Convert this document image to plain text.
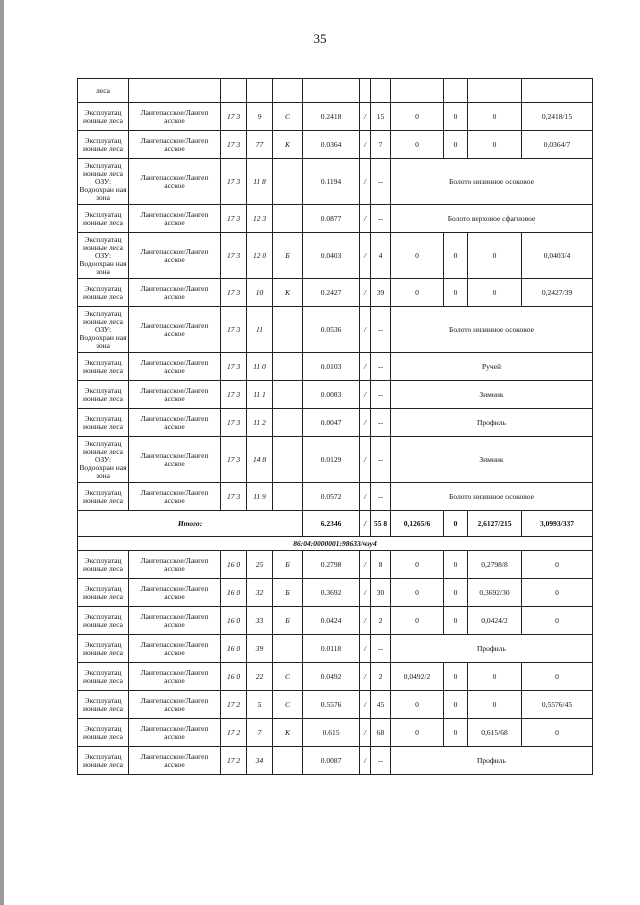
35
леса											
Эксплуатац ионные леса	Лангепасское/Лангеп асское	17 3	9	С	0.2418	/	15	0	0	0	0,2418/15
Эксплуатац ионные леса	Лангепасское/Лангеп асское	17 3	77	К	0.0364	/	7	0	0	0	0,0364/7
Эксплуатац ионные леса ОЗУ: Водоохран ная зона	Лангепасское/Лангеп асское	17 3	11 8		0.1194	/	--	Болото низинное осоковое			
Эксплуатац ионные леса	Лангепасское/Лангеп асское	17 3	12 3		0.0877	/	--	Болото верховое сфагновое			
Эксплуатац ионные леса ОЗУ: Водоохран ная зона	Лангепасское/Лангеп асское	17 3	12 0	Б	0.0403	/	4	0	0	0	0,0403/4
Эксплуатац ионные леса	Лангепасское/Лангеп асское	17 3	10	К	0.2427	/	39	0	0	0	0,2427/39
Эксплуатац ионные леса ОЗУ: Водоохран ная зона	Лангепасское/Лангеп асское	17 3	11		0.0536	/	--	Болото низинное осоковое			
Эксплуатац ионные леса	Лангепасское/Лангеп асское	17 3	11 0		0.0103	/	--	Ручей			
Эксплуатац ионные леса	Лангепасское/Лангеп асское	17 3	11 1		0.0083	/	--	Зимник			
Эксплуатац ионные леса	Лангепасское/Лангеп асское	17 3	11 2		0.0047	/	--	Профиль			
Эксплуатац ионные леса ОЗУ: Водоохран ная зона	Лангепасское/Лангеп асское	17 3	14 8		0.0129	/	--	Зимник			
Эксплуатац ионные леса	Лангепасское/Лангеп асское	17 3	11 9		0.0572	/	--	Болото низинное осоковое			
Итого:					6.2346	/	55 8	0,1265/6	0	2,6127/215	3,0993/337
86:04:0000001:98633/чзу4											
Эксплуатац ионные леса	Лангепасское/Лангеп асское	16 0	25	Б	0.2798	/	8	0	0	0,2798/8	0
Эксплуатац ионные леса	Лангепасское/Лангеп асское	16 0	32	Б	0.3692	/	30	0	0	0,3692/30	0
Эксплуатац ионные леса	Лангепасское/Лангеп асское	16 0	33	Б	0.0424	/	2	0	0	0,0424/2	0
Эксплуатац ионные леса	Лангепасское/Лангеп асское	16 0	39		0.0118	/	--	Профиль			
Эксплуатац ионные леса	Лангепасское/Лангеп асское	16 0	22	С	0.0492	/	2	0,0492/2	0	0	0
Эксплуатац ионные леса	Лангепасское/Лангеп асское	17 2	5	С	0.5576	/	45	0	0	0	0,5576/45
Эксплуатац ионные леса	Лангепасское/Лангеп асское	17 2	7	К	0.615	/	68	0	0	0,615/68	0
Эксплуатац ионные леса	Лангепасское/Лангеп асское	17 2	34		0.0087	/	--	Профиль			
